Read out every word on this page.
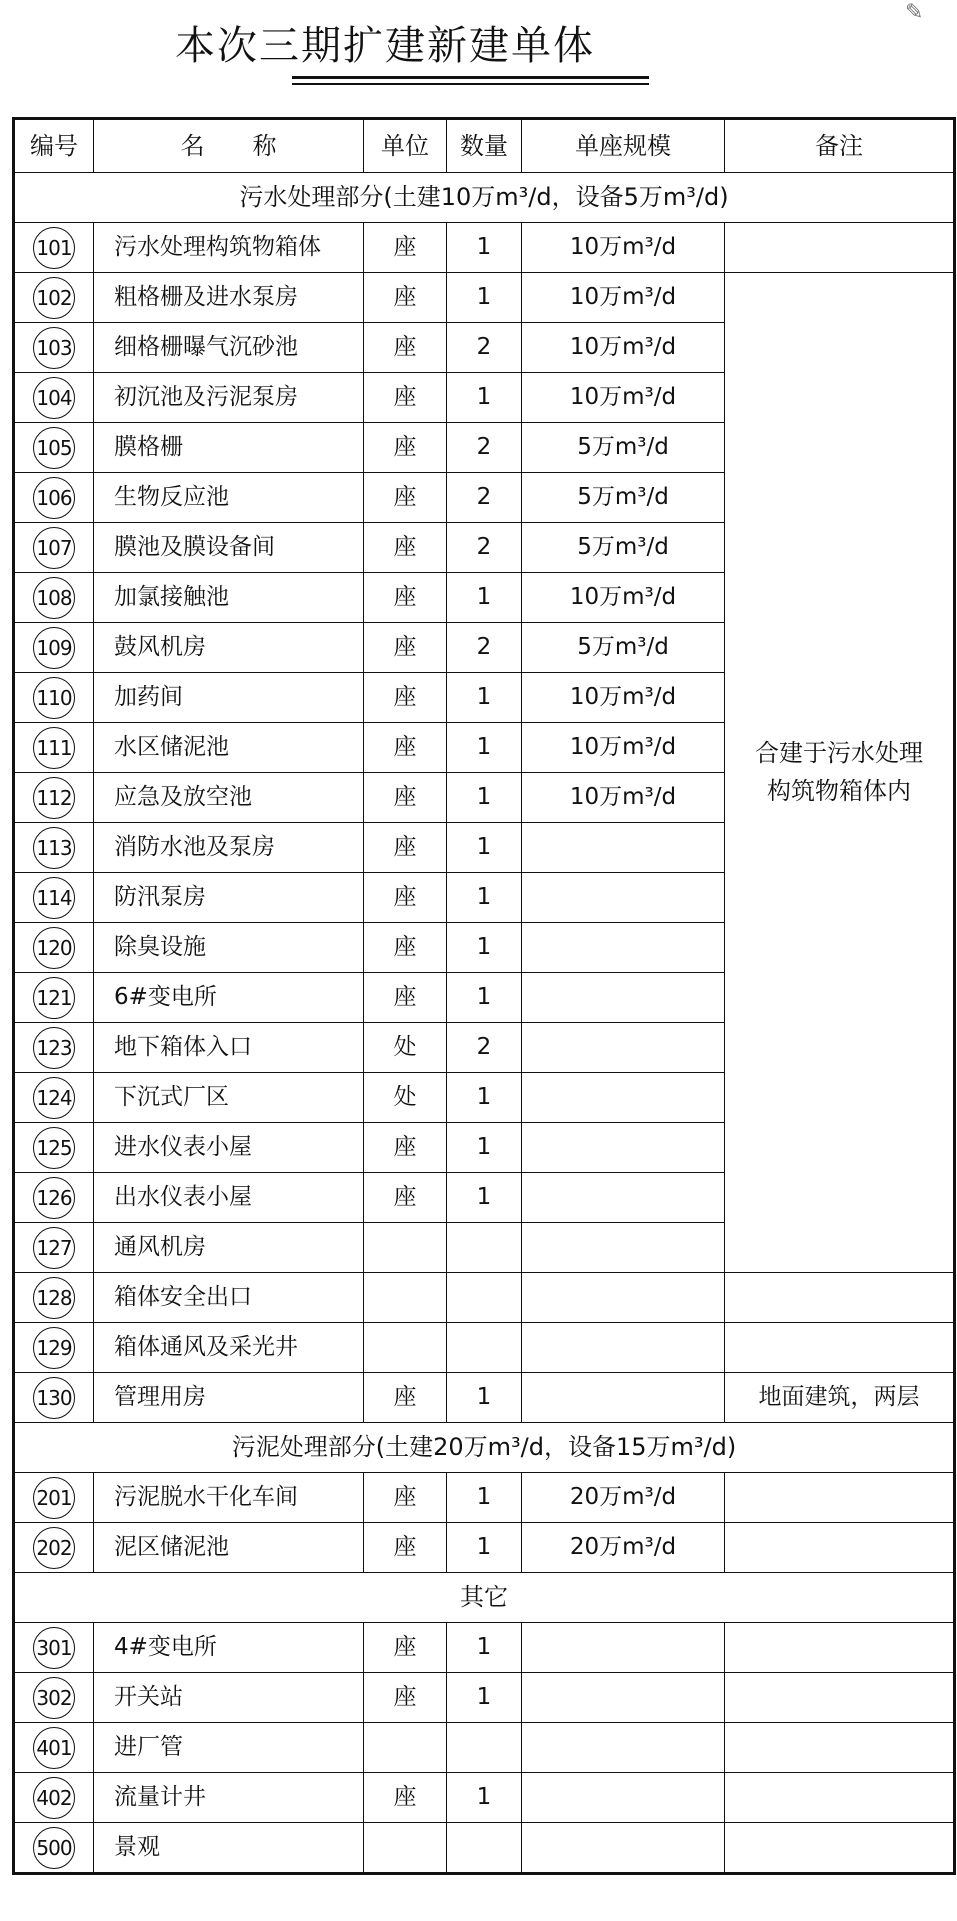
本次三期扩建新建单体
✎
编号	名　　称	单位	数量	单座规模	备注
污水处理部分(土建10万m³/d，设备5万m³/d)					
101	污水处理构筑物箱体	座	1	10万m³/d	
102	粗格栅及进水泵房	座	1	10万m³/d	合建于污水处理
构筑物箱体内
103	细格栅曝气沉砂池	座	2	10万m³/d	
104	初沉池及污泥泵房	座	1	10万m³/d	
105	膜格栅	座	2	5万m³/d	
106	生物反应池	座	2	5万m³/d	
107	膜池及膜设备间	座	2	5万m³/d	
108	加氯接触池	座	1	10万m³/d	
109	鼓风机房	座	2	5万m³/d	
110	加药间	座	1	10万m³/d	
111	水区储泥池	座	1	10万m³/d	
112	应急及放空池	座	1	10万m³/d	
113	消防水池及泵房	座	1		
114	防汛泵房	座	1		
120	除臭设施	座	1		
121	6#变电所	座	1		
123	地下箱体入口	处	2		
124	下沉式厂区	处	1		
125	进水仪表小屋	座	1		
126	出水仪表小屋	座	1		
127	通风机房				
128	箱体安全出口				
129	箱体通风及采光井				
130	管理用房	座	1		地面建筑，两层
污泥处理部分(土建20万m³/d，设备15万m³/d)					
201	污泥脱水干化车间	座	1	20万m³/d	
202	泥区储泥池	座	1	20万m³/d	
其它					
301	4#变电所	座	1		
302	开关站	座	1		
401	进厂管				
402	流量计井	座	1		
500	景观				
